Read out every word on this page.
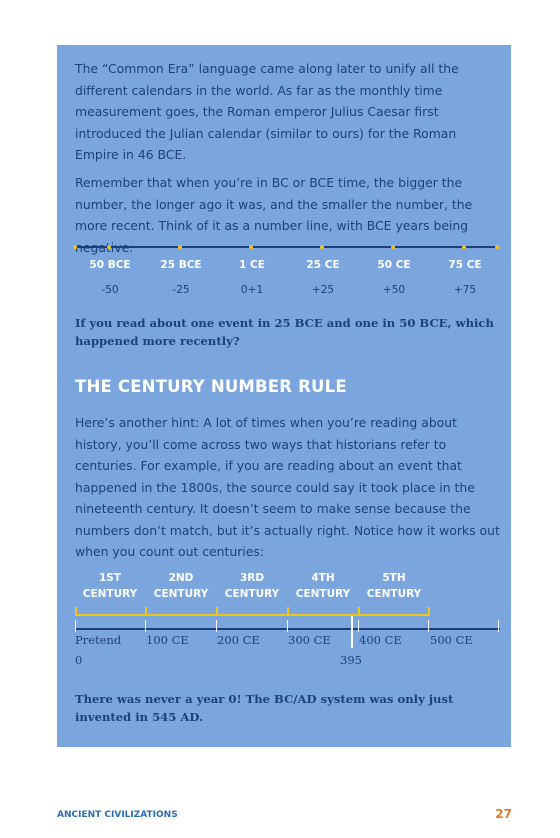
The “Common Era” language came along later to unify all the different calendars in the world. As far as the monthly time measurement goes, the Roman emperor Julius Caesar first introduced the Julian calendar (similar to ours) for the Roman Empire in 46 BCE.

Remember that when you’re in BC or BCE time, the bigger the number, the longer ago it was, and the smaller the number, the more recent. Think of it as a number line, with BCE years being

50 BCE	25 BCE	1 CE	25 CE	50 CE	75 CE
-50	-25	0+1	+25	+50	+75

If you read about one event in 25 BCE and one in 50 BCE, which happened more recently?

THE CENTURY NUMBER RULE

Here’s another hint: A lot of times when you’re reading about history, you’ll come across two ways that historians refer to centuries. For example, if you are reading about an event that happened in the 1800s, the source could say it took place in the nineteenth century. It doesn’t seem to make sense because the numbers don’t match, but it’s actually right. Notice how it works out when you count out centuries:

1ST
CENTURY
2ND
CENTURY
3RD
CENTURY
4TH
CENTURY
5TH
CENTURY
Pretend 100 CE 200 CE 300 CE 400 CE 500 CE
0	395

There was never a year 0! The BC/AD system was only just invented in 545 AD.

ANCIENT CIVILIZATIONS	27
